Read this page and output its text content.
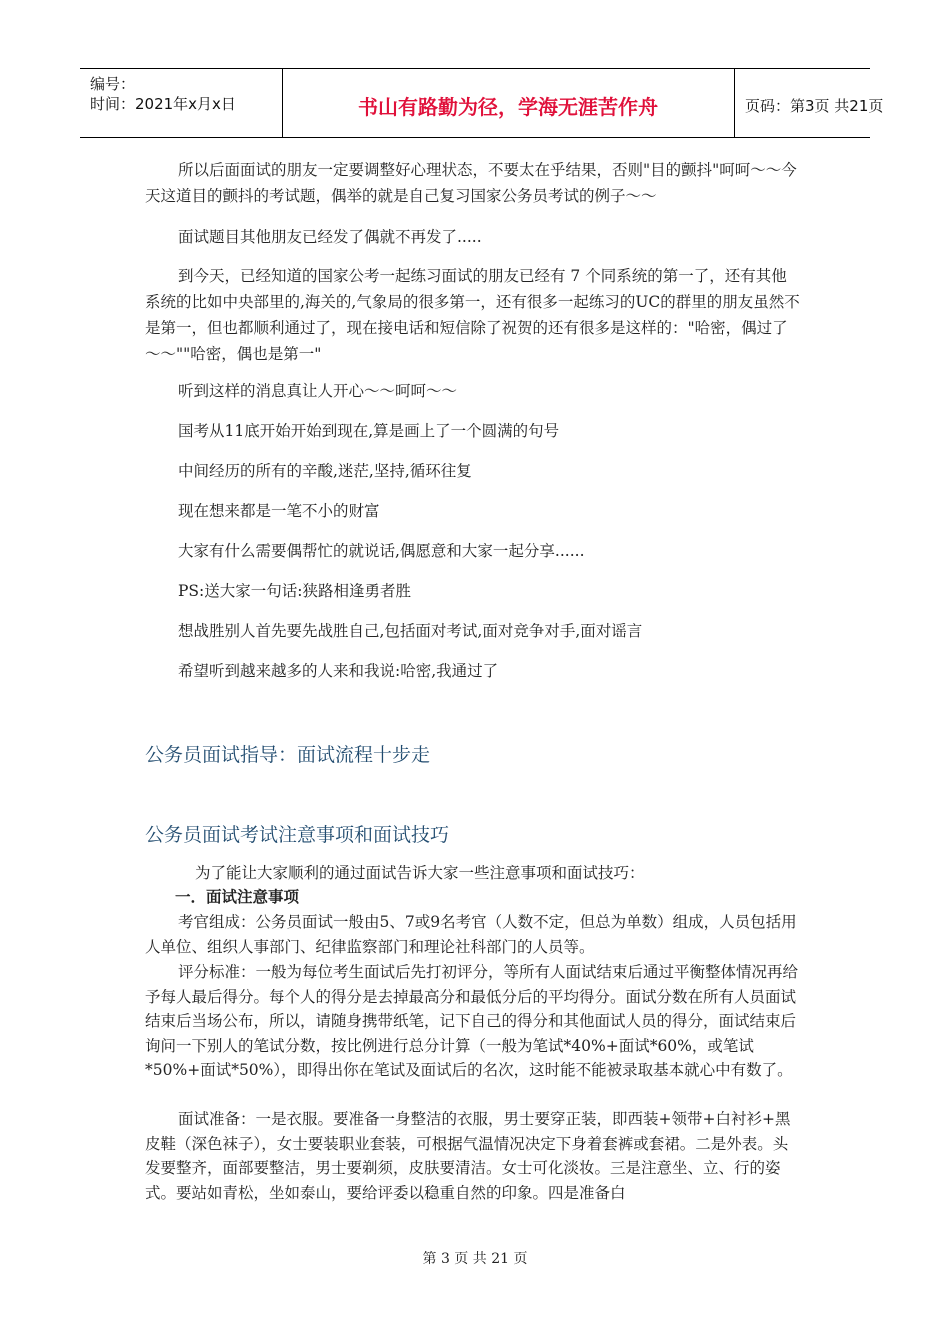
编号：
时间：2021年x月x日	书山有路勤为径，学海无涯苦作舟	页码：第3页 共21页

所以后面面试的朋友一定要调整好心理状态，不要太在乎结果，否则"目的颤抖"呵呵～～今天这道目的颤抖的考试题，偶举的就是自己复习国家公务员考试的例子～～

面试题目其他朋友已经发了偶就不再发了.....

到今天，已经知道的国家公考一起练习面试的朋友已经有 7 个同系统的第一了，还有其他系统的比如中央部里的,海关的,气象局的很多第一，还有很多一起练习的UC的群里的朋友虽然不是第一，但也都顺利通过了，现在接电话和短信除了祝贺的还有很多是这样的："哈密，偶过了～～""哈密，偶也是第一"

听到这样的消息真让人开心～～呵呵～～

国考从11底开始开始到现在,算是画上了一个圆满的句号

中间经历的所有的辛酸,迷茫,坚持,循环往复

现在想来都是一笔不小的财富

大家有什么需要偶帮忙的就说话,偶愿意和大家一起分享......

PS:送大家一句话:狭路相逢勇者胜

想战胜别人首先要先战胜自己,包括面对考试,面对竞争对手,面对谣言

希望听到越来越多的人来和我说:哈密,我通过了

公务员面试指导：面试流程十步走
公务员面试考试注意事项和面试技巧

为了能让大家顺利的通过面试告诉大家一些注意事项和面试技巧：

一．面试注意事项

考官组成：公务员面试一般由5、7或9名考官（人数不定，但总为单数）组成，人员包括用人单位、组织人事部门、纪律监察部门和理论社科部门的人员等。

评分标准：一般为每位考生面试后先打初评分，等所有人面试结束后通过平衡整体情况再给予每人最后得分。每个人的得分是去掉最高分和最低分后的平均得分。面试分数在所有人员面试结束后当场公布，所以，请随身携带纸笔，记下自己的得分和其他面试人员的得分，面试结束后询问一下别人的笔试分数，按比例进行总分计算（一般为笔试*40%+面试*60%，或笔试*50%+面试*50%），即得出你在笔试及面试后的名次，这时能不能被录取基本就心中有数了。

面试准备：一是衣服。要准备一身整洁的衣服，男士要穿正装，即西装+领带+白衬衫+黑皮鞋（深色袜子），女士要装职业套装，可根据气温情况决定下身着套裤或套裙。二是外表。头发要整齐，面部要整洁，男士要剃须，皮肤要清洁。女士可化淡妆。三是注意坐、立、行的姿式。要站如青松，坐如泰山，要给评委以稳重自然的印象。四是准备白

第 3 页 共 21 页
